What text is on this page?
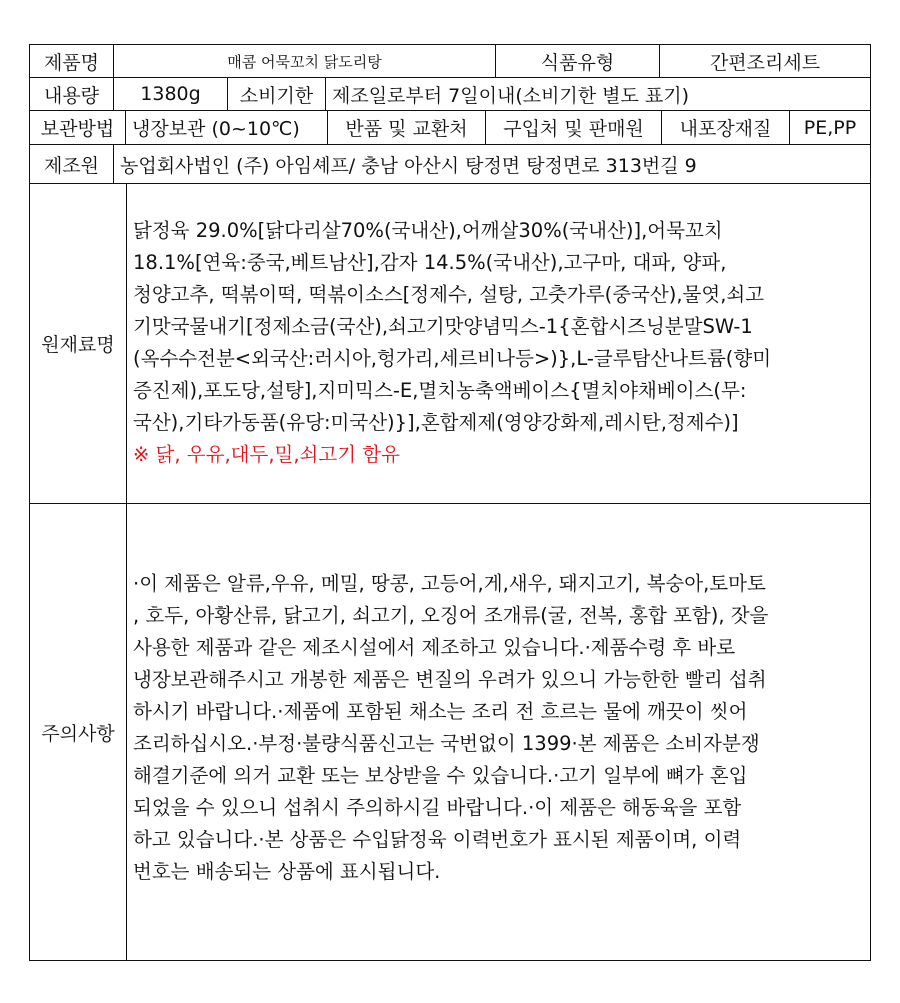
제품명	매콤 어묵꼬치 닭도리탕	식품유형	간편조리세트
내용량	1380g	소비기한 제조일로부터 7일이내(소비기한 별도 표기)
보관방법 냉장보관 (0~10℃)	반품 및 교환처	구입처 및 판매원	내포장재질	PE,PP
제조원	농업회사법인 (주) 아임셰프/ 충남 아산시 탕정면 탕정면로 313번길 9
원재료명
닭정육 29.0%[닭다리살70%(국내산),어깨살30%(국내산)],어묵꼬치
18.1%[연육:중국,베트남산],감자 14.5%(국내산),고구마, 대파, 양파,
청양고추, 떡볶이떡, 떡볶이소스[정제수, 설탕, 고춧가루(중국산),물엿,쇠고
기맛국물내기[정제소금(국산),쇠고기맛양념믹스-1{혼합시즈닝분말SW-1
(옥수수전분<외국산:러시아,헝가리,세르비나등>)},L-글루탐산나트륨(향미
증진제),포도당,설탕],지미믹스-E,멸치농축액베이스{멸치야채베이스(무:
국산),기타가동품(유당:미국산)}],혼합제제(영양강화제,레시탄,정제수)]
※ 닭, 우유,대두,밀,쇠고기 함유
주의사항
·이 제품은 알류,우유, 메밀, 땅콩, 고등어,게,새우, 돼지고기, 복숭아,토마토
, 호두, 아황산류, 닭고기, 쇠고기, 오징어 조개류(굴, 전복, 홍합 포함), 잣을
사용한 제품과 같은 제조시설에서 제조하고 있습니다.·제품수령 후 바로
냉장보관해주시고 개봉한 제품은 변질의 우려가 있으니 가능한한 빨리 섭취
하시기 바랍니다.·제품에 포함된 채소는 조리 전 흐르는 물에 깨끗이 씻어
조리하십시오.·부정·불량식품신고는 국번없이 1399·본 제품은 소비자분쟁
해결기준에 의거 교환 또는 보상받을 수 있습니다.·고기 일부에 뼈가 혼입
되었을 수 있으니 섭취시 주의하시길 바랍니다.·이 제품은 해동육을 포함
하고 있습니다.·본 상품은 수입닭정육 이력번호가 표시된 제품이며, 이력
번호는 배송되는 상품에 표시됩니다.
